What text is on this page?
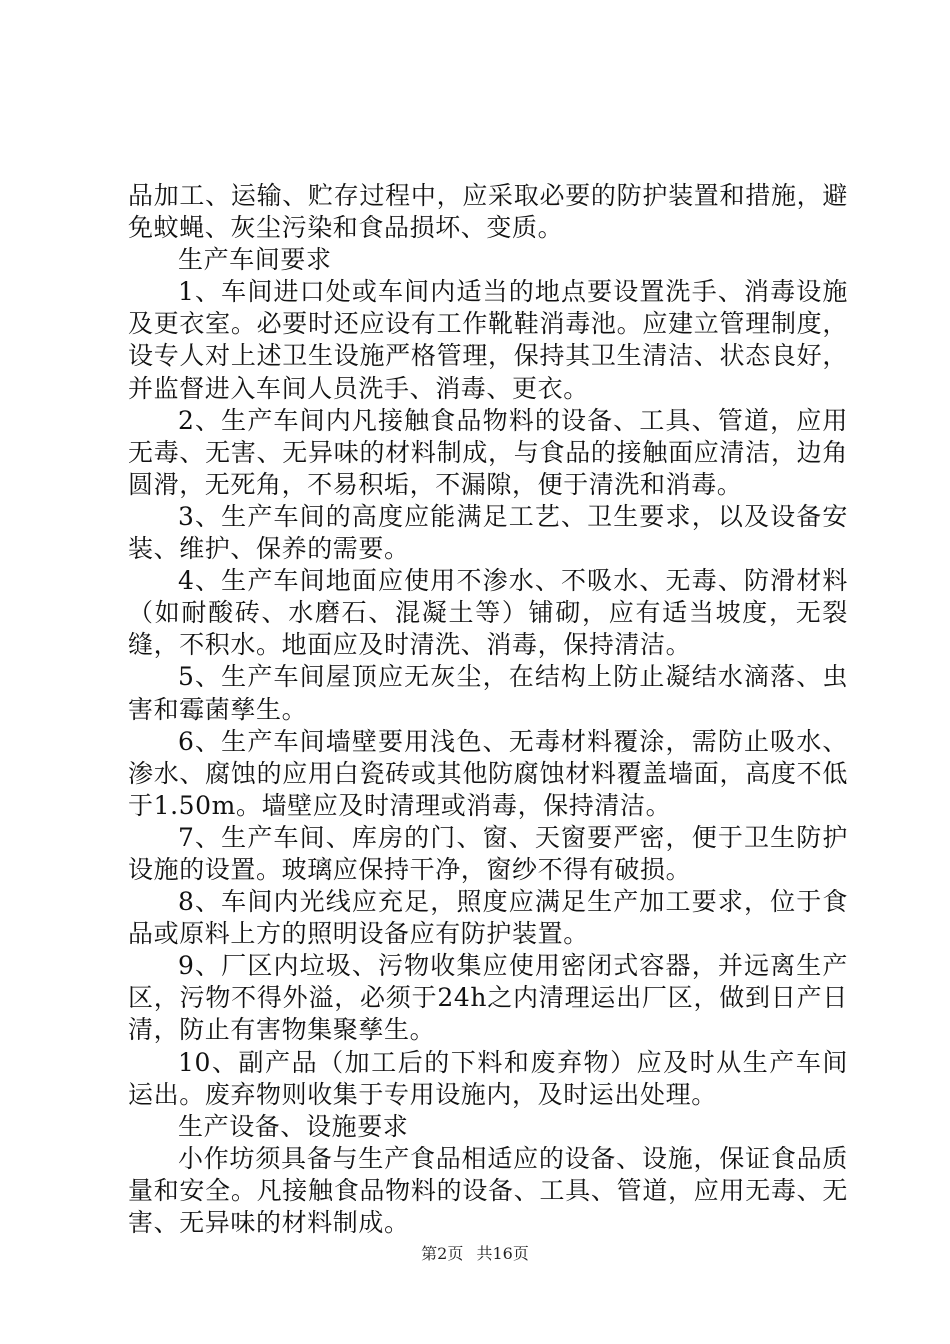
品加工、运输、贮存过程中，应采取必要的防护装置和措施，避免蚊蝇、灰尘污染和食品损坏、变质。

生产车间要求

1、车间进口处或车间内适当的地点要设置洗手、消毒设施及更衣室。必要时还应设有工作靴鞋消毒池。应建立管理制度，设专人对上述卫生设施严格管理，保持其卫生清洁、状态良好，并监督进入车间人员洗手、消毒、更衣。

2、生产车间内凡接触食品物料的设备、工具、管道，应用无毒、无害、无异味的材料制成，与食品的接触面应清洁，边角圆滑，无死角，不易积垢，不漏隙，便于清洗和消毒。

3、生产车间的高度应能满足工艺、卫生要求，以及设备安装、维护、保养的需要。

4、生产车间地面应使用不渗水、不吸水、无毒、防滑材料（如耐酸砖、水磨石、混凝土等）铺砌，应有适当坡度，无裂缝，不积水。地面应及时清洗、消毒，保持清洁。

5、生产车间屋顶应无灰尘，在结构上防止凝结水滴落、虫害和霉菌孳生。

6、生产车间墙壁要用浅色、无毒材料覆涂，需防止吸水、渗水、腐蚀的应用白瓷砖或其他防腐蚀材料覆盖墙面，高度不低于1.50m。墙壁应及时清理或消毒，保持清洁。

7、生产车间、库房的门、窗、天窗要严密，便于卫生防护设施的设置。玻璃应保持干净，窗纱不得有破损。

8、车间内光线应充足，照度应满足生产加工要求，位于食品或原料上方的照明设备应有防护装置。

9、厂区内垃圾、污物收集应使用密闭式容器，并远离生产区，污物不得外溢，必须于24h之内清理运出厂区，做到日产日清，防止有害物集聚孳生。

10、副产品（加工后的下料和废弃物）应及时从生产车间运出。废弃物则收集于专用设施内，及时运出处理。

生产设备、设施要求

小作坊须具备与生产食品相适应的设备、设施，保证食品质量和安全。凡接触食品物料的设备、工具、管道，应用无毒、无害、无异味的材料制成。

第2页 共16页
